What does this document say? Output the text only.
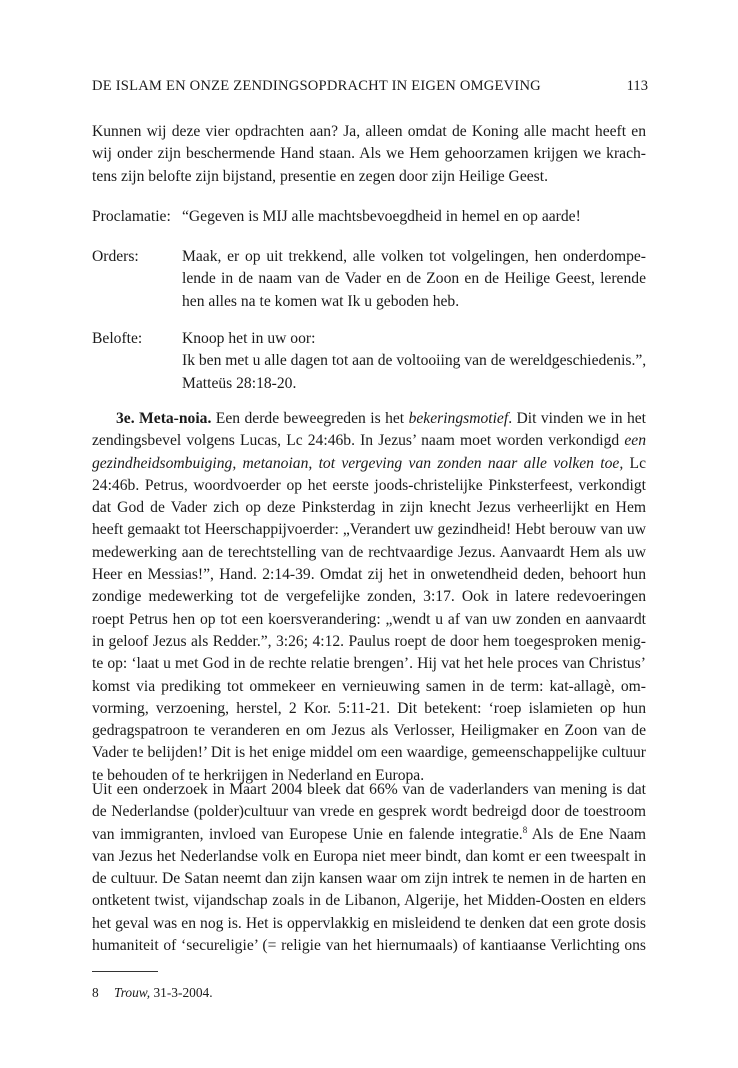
DE ISLAM EN ONZE ZENDINGSOPDRACHT IN EIGEN OMGEVING	113
Kunnen wij deze vier opdrachten aan? Ja, alleen omdat de Koning alle macht heeft en
wij onder zijn beschermende Hand staan. Als we Hem gehoorzamen krijgen we krach-
tens zijn belofte zijn bijstand, presentie en zegen door zijn Heilige Geest.
Proclamatie: “Gegeven is MIJ alle machtsbevoegdheid in hemel en op aarde!
Orders:	Maak, er op uit trekkend, alle volken tot volgelingen, hen onderdompe-
lende in de naam van de Vader en de Zoon en de Heilige Geest, lerende
hen alles na te komen wat Ik u geboden heb.
Belofte:	Knoop het in uw oor:
Ik ben met u alle dagen tot aan de voltooiing van de wereldgeschiedenis.”,
Matteüs 28:18-20.
3e. Meta-noia. Een derde beweegreden is het bekeringsmotief. Dit vinden we in het
zendingsbevel volgens Lucas, Lc 24:46b. In Jezus’ naam moet worden verkondigd een
gezindheidsombuiging, metanoian, tot vergeving van zonden naar alle volken toe, Lc
24:46b. Petrus, woordvoerder op het eerste joods-christelijke Pinksterfeest, verkondigt
dat God de Vader zich op deze Pinksterdag in zijn knecht Jezus verheerlijkt en Hem
heeft gemaakt tot Heerschappijvoerder: „Verandert uw gezindheid! Hebt berouw van uw
medewerking aan de terechtstelling van de rechtvaardige Jezus. Aanvaardt Hem als uw
Heer en Messias!”, Hand. 2:14-39. Omdat zij het in onwetendheid deden, behoort hun
zondige medewerking tot de vergefelijke zonden, 3:17. Ook in latere redevoeringen
roept Petrus hen op tot een koersverandering: „wendt u af van uw zonden en aanvaardt
in geloof Jezus als Redder.”, 3:26; 4:12. Paulus roept de door hem toegesproken menig-
te op: ‘laat u met God in de rechte relatie brengen’. Hij vat het hele proces van Christus’
komst via prediking tot ommekeer en vernieuwing samen in de term: kat-allagè, om-
vorming, verzoening, herstel, 2 Kor. 5:11-21. Dit betekent: ‘roep islamieten op hun
gedragspatroon te veranderen en om Jezus als Verlosser, Heiligmaker en Zoon van de
Vader te belijden!’ Dit is het enige middel om een waardige, gemeenschappelijke cultuur
te behouden of te herkrijgen in Nederland en Europa.
Uit een onderzoek in Maart 2004 bleek dat 66% van de vaderlanders van mening is dat
de Nederlandse (polder)cultuur van vrede en gesprek wordt bedreigd door de toestroom
van immigranten, invloed van Europese Unie en falende integratie.$^8$ Als de Ene Naam
van Jezus het Nederlandse volk en Europa niet meer bindt, dan komt er een tweespalt in
de cultuur. De Satan neemt dan zijn kansen waar om zijn intrek te nemen in de harten en
ontketent twist, vijandschap zoals in de Libanon, Algerije, het Midden-Oosten en elders
het geval was en nog is. Het is oppervlakkig en misleidend te denken dat een grote dosis
humaniteit of ‘secureligie’ (= religie van het hiernumaals) of kantiaanse Verlichting ons
8 Trouw, 31-3-2004.
